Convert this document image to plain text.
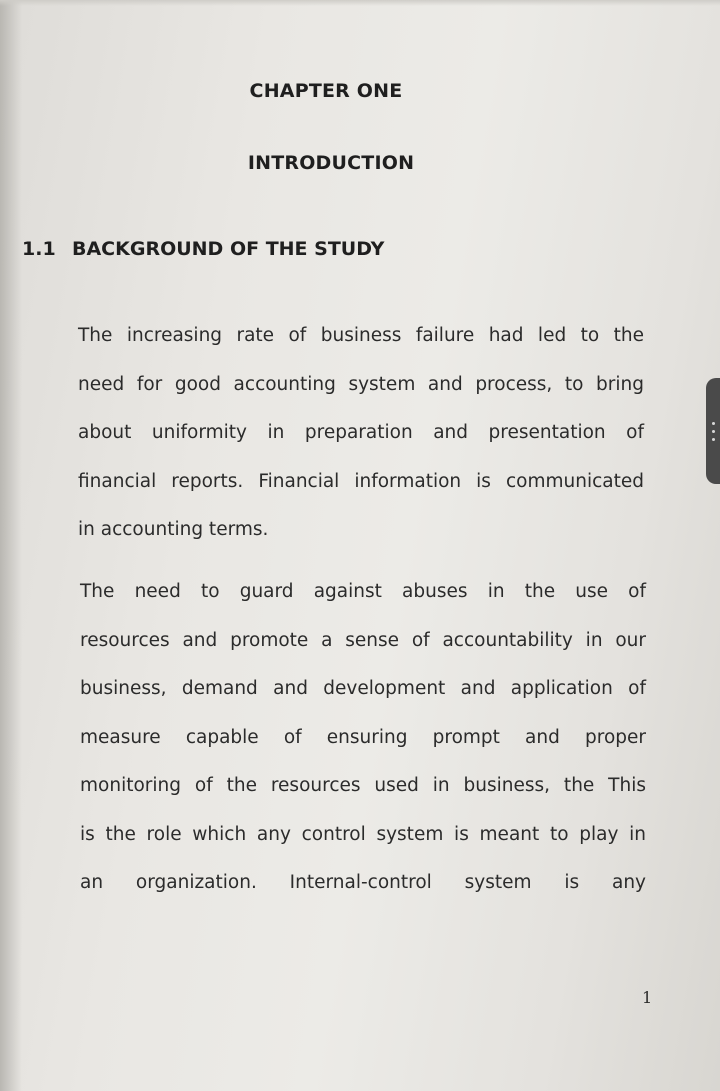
CHAPTER ONE
INTRODUCTION
1.1 BACKGROUND OF THE STUDY
The increasing rate of business failure had led to the
need for good accounting system and process, to bring
about uniformity in preparation and presentation of
financial reports. Financial information is communicated
in accounting terms.
The need to guard against abuses in the use of
resources and promote a sense of accountability in our
business, demand and development and application of
measure capable of ensuring prompt and proper
monitoring of the resources used in business, the This
is the role which any control system is meant to play in
an organization. Internal-control system is any
1
